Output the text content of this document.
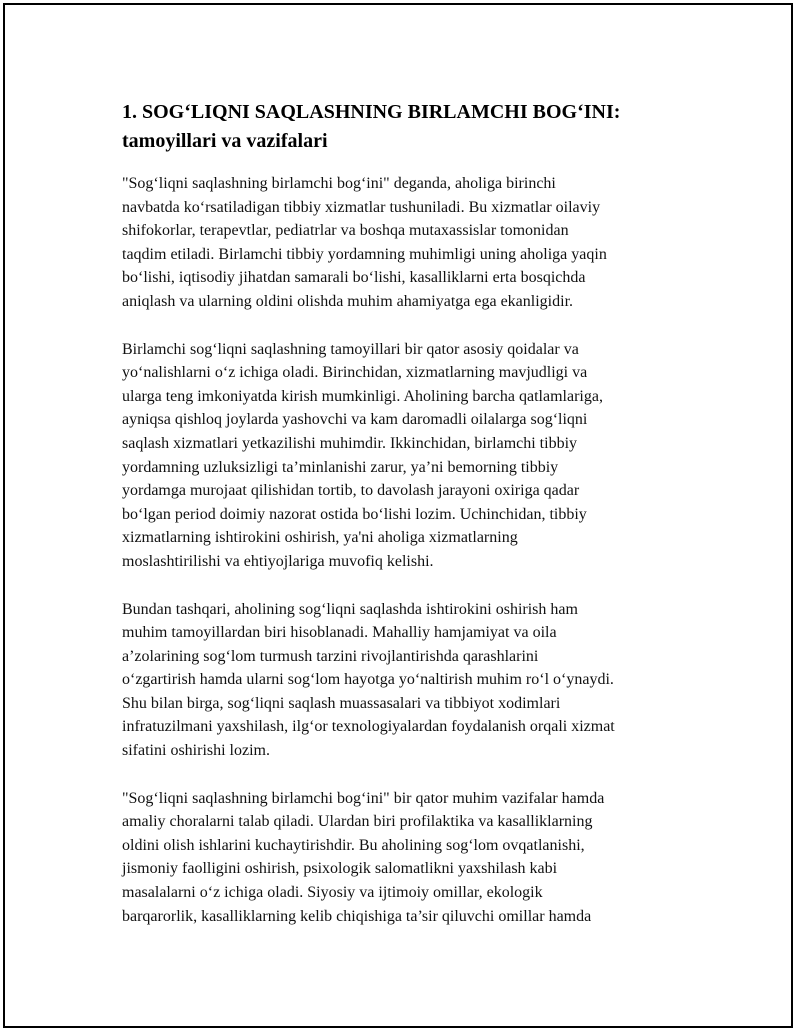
1. SOG‘LIQNI SAQLASHNING BIRLAMCHI BOG‘INI:
tamoyillari va vazifalari

"Sog‘liqni saqlashning birlamchi bog‘ini" deganda, aholiga birinchi
navbatda ko‘rsatiladigan tibbiy xizmatlar tushuniladi. Bu xizmatlar oilaviy
shifokorlar, terapevtlar, pediatrlar va boshqa mutaxassislar tomonidan
taqdim etiladi. Birlamchi tibbiy yordamning muhimligi uning aholiga yaqin
bo‘lishi, iqtisodiy jihatdan samarali bo‘lishi, kasalliklarni erta bosqichda
aniqlash va ularning oldini olishda muhim ahamiyatga ega ekanligidir.

Birlamchi sog‘liqni saqlashning tamoyillari bir qator asosiy qoidalar va
yo‘nalishlarni o‘z ichiga oladi. Birinchidan, xizmatlarning mavjudligi va
ularga teng imkoniyatda kirish mumkinligi. Aholining barcha qatlamlariga,
ayniqsa qishloq joylarda yashovchi va kam daromadli oilalarga sog‘liqni
saqlash xizmatlari yetkazilishi muhimdir. Ikkinchidan, birlamchi tibbiy
yordamning uzluksizligi ta’minlanishi zarur, ya’ni bemorning tibbiy
yordamga murojaat qilishidan tortib, to davolash jarayoni oxiriga qadar
bo‘lgan period doimiy nazorat ostida bo‘lishi lozim. Uchinchidan, tibbiy
xizmatlarning ishtirokini oshirish, ya'ni aholiga xizmatlarning
moslashtirilishi va ehtiyojlariga muvofiq kelishi.

Bundan tashqari, aholining sog‘liqni saqlashda ishtirokini oshirish ham
muhim tamoyillardan biri hisoblanadi. Mahalliy hamjamiyat va oila
a’zolarining sog‘lom turmush tarzini rivojlantirishda qarashlarini
o‘zgartirish hamda ularni sog‘lom hayotga yo‘naltirish muhim ro‘l o‘ynaydi.
Shu bilan birga, sog‘liqni saqlash muassasalari va tibbiyot xodimlari
infratuzilmani yaxshilash, ilg‘or texnologiyalardan foydalanish orqali xizmat
sifatini oshirishi lozim.

"Sog‘liqni saqlashning birlamchi bog‘ini" bir qator muhim vazifalar hamda
amaliy choralarni talab qiladi. Ulardan biri profilaktika va kasalliklarning
oldini olish ishlarini kuchaytirishdir. Bu aholining sog‘lom ovqatlanishi,
jismoniy faolligini oshirish, psixologik salomatlikni yaxshilash kabi
masalalarni o‘z ichiga oladi. Siyosiy va ijtimoiy omillar, ekologik
barqarorlik, kasalliklarning kelib chiqishiga ta’sir qiluvchi omillar hamda
